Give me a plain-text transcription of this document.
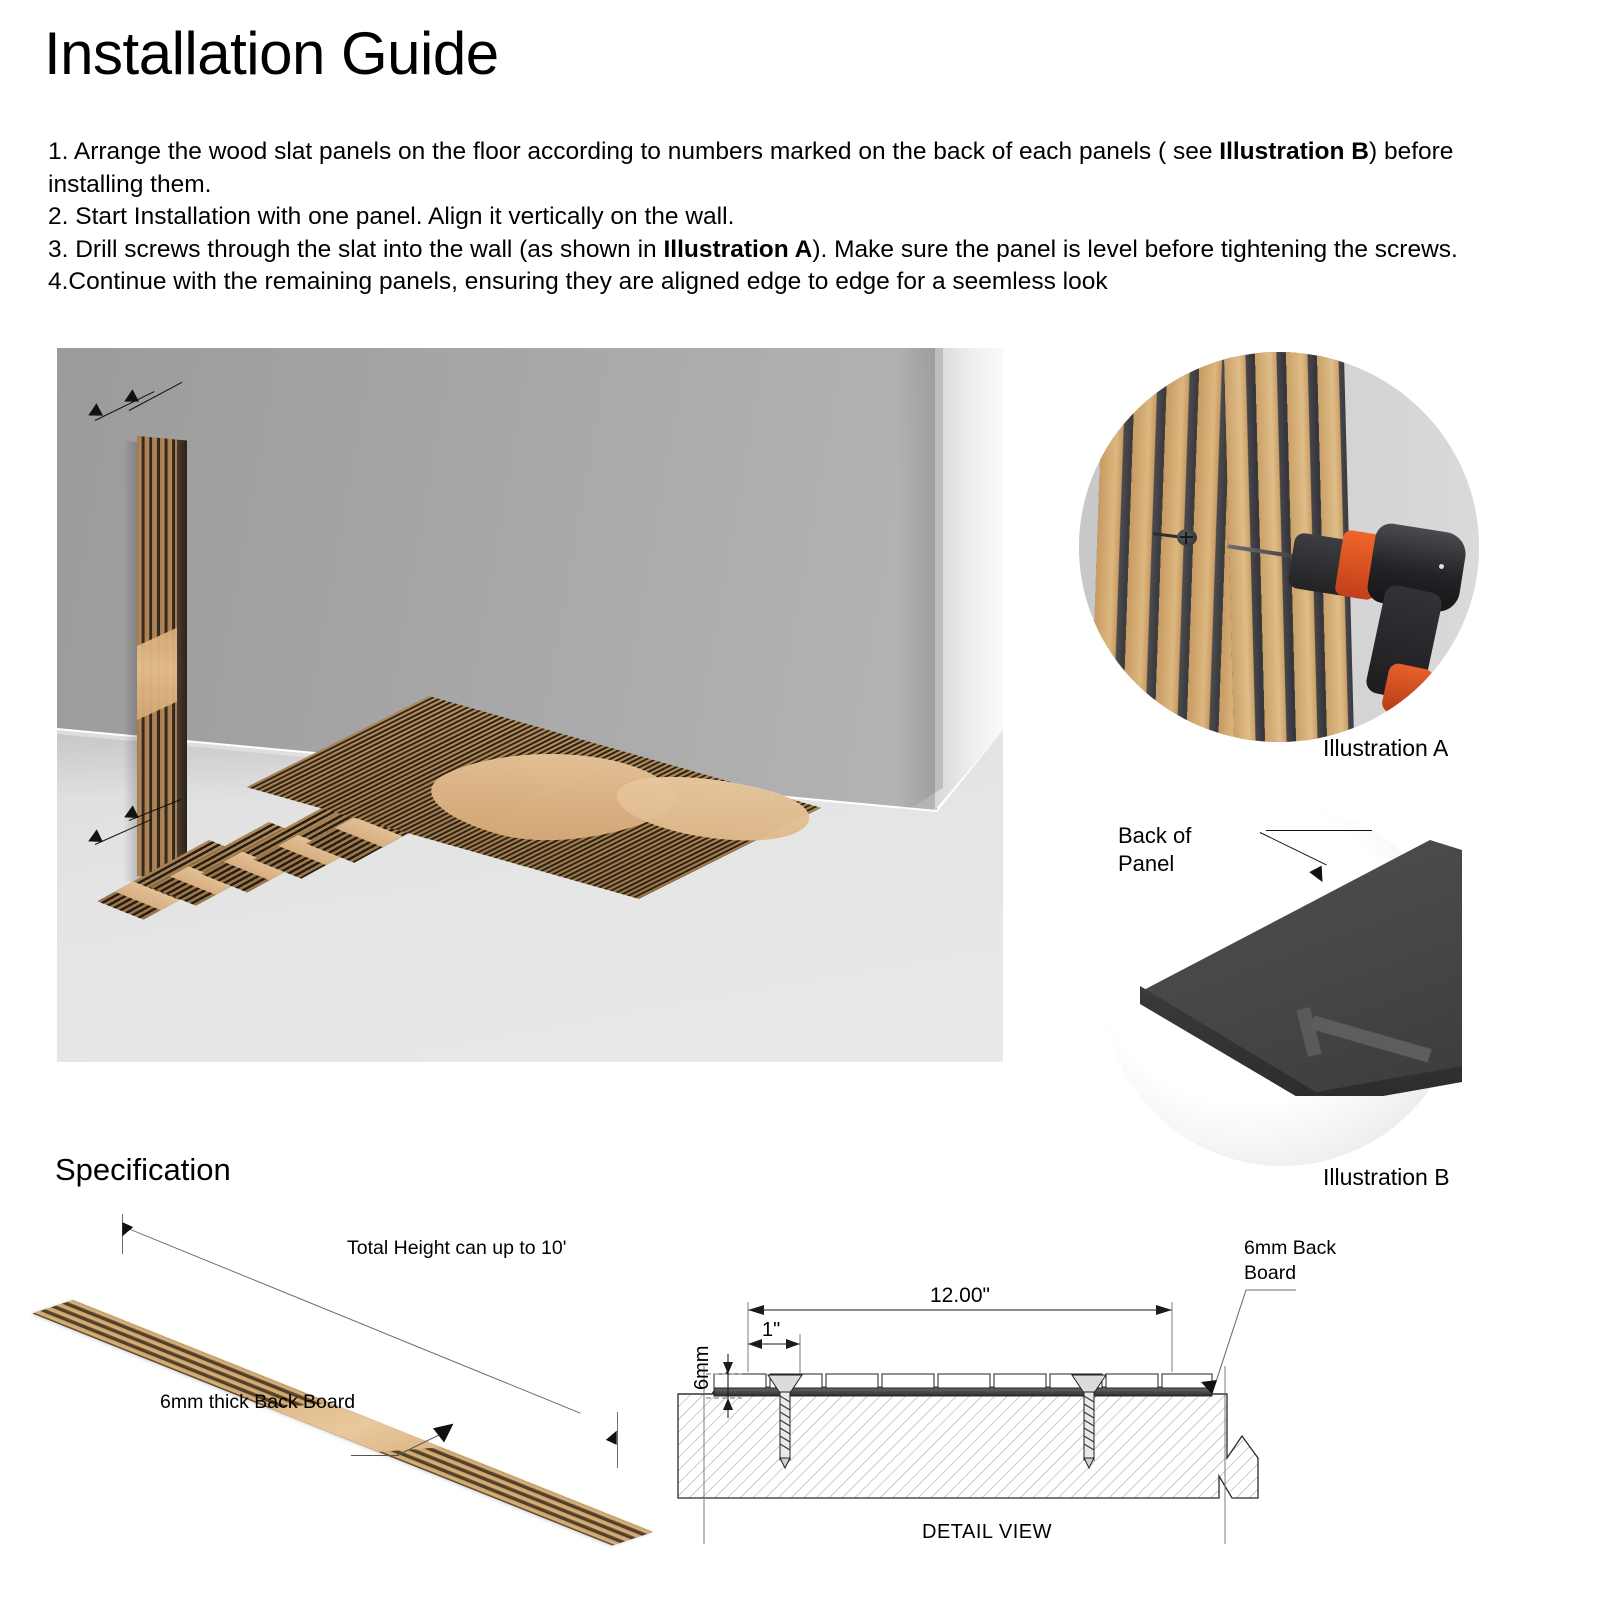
Installation Guide

1. Arrange the wood slat panels on the floor according to numbers marked on the back of each panels ( see Illustration B) before installing them.

2. Start Installation with one panel. Align it vertically on the wall.

3. Drill screws through the slat into the wall (as shown in Illustration A). Make sure the panel is level before tightening the screws.

4.Continue with the remaining panels, ensuring they are aligned edge to edge for a seemless look

Illustration A
Back of
Panel
Illustration B
Specification
Total Height can up to 10'
6mm thick Back Board
12.00"
1"
6mm
6mm Back
Board
DETAIL VIEW
